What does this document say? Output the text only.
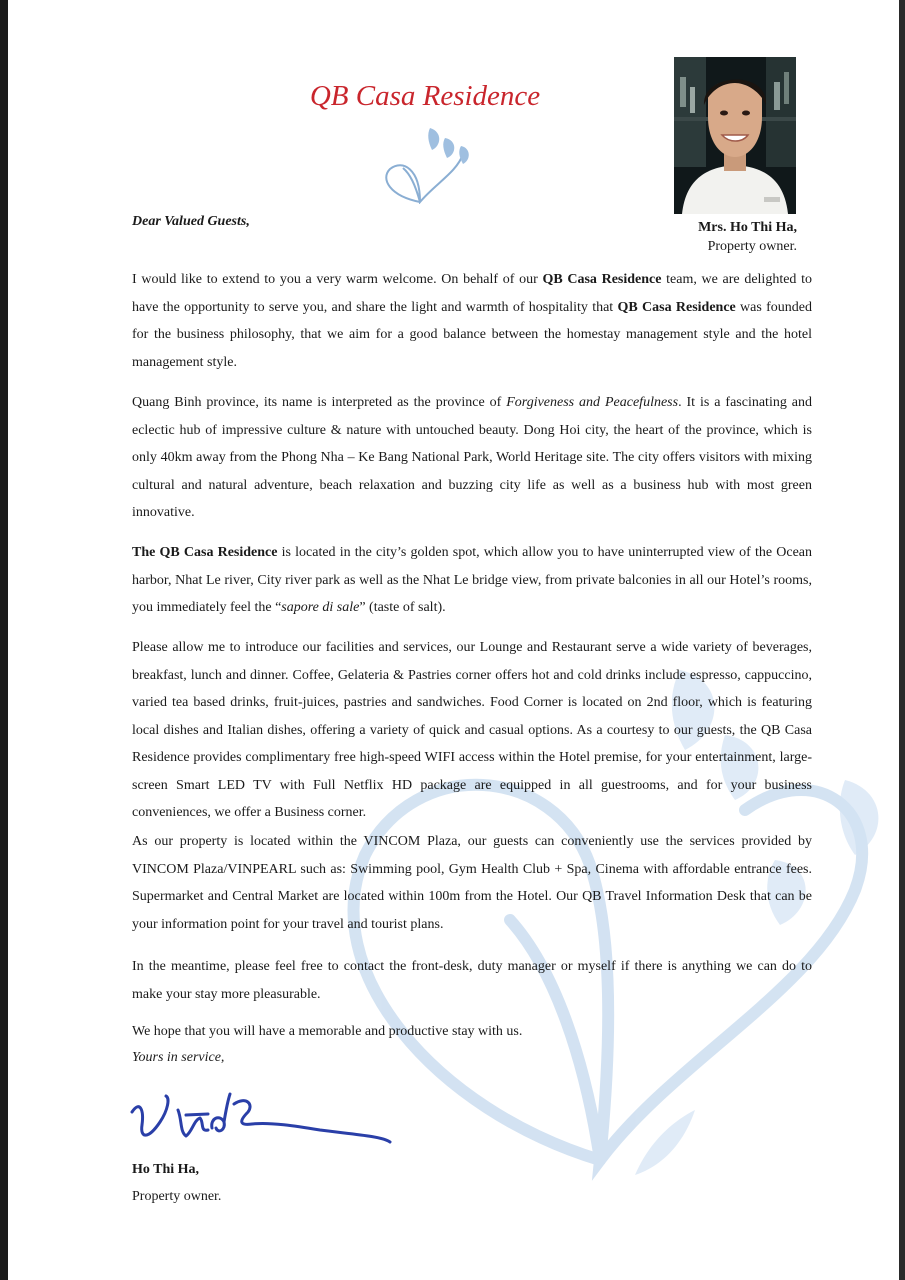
QB Casa Residence
Dear Valued Guests,	Mrs. Ho Thi Ha,
Property owner.

I would like to extend to you a very warm welcome. On behalf of our QB Casa Residence team, we are delighted to have the opportunity to serve you, and share the light and warmth of hospitality that QB Casa Residence was founded for the business philosophy, that we aim for a good balance between the homestay management style and the hotel management style.

Quang Binh province, its name is interpreted as the province of Forgiveness and Peacefulness. It is a fascinating and eclectic hub of impressive culture & nature with untouched beauty. Dong Hoi city, the heart of the province, which is only 40km away from the Phong Nha – Ke Bang National Park, World Heritage site. The city offers visitors with mixing cultural and natural adventure, beach relaxation and buzzing city life as well as a business hub with most green innovative.

The QB Casa Residence is located in the city’s golden spot, which allow you to have uninterrupted view of the Ocean harbor, Nhat Le river, City river park as well as the Nhat Le bridge view, from private balconies in all our Hotel’s rooms, you immediately feel the “sapore di sale” (taste of salt).

Please allow me to introduce our facilities and services, our Lounge and Restaurant serve a wide variety of beverages, breakfast, lunch and dinner. Coffee, Gelateria & Pastries corner offers hot and cold drinks include espresso, cappuccino, varied tea based drinks, fruit-juices, pastries and sandwiches. Food Corner is located on 2nd floor, which is featuring local dishes and Italian dishes, offering a variety of quick and casual options. As a courtesy to our guests, the QB Casa Residence provides complimentary free high-speed WIFI access within the Hotel premise, for your entertainment, large-screen Smart LED TV with Full Netflix HD package are equipped in all guestrooms, and for your business conveniences, we offer a Business corner.

As our property is located within the VINCOM Plaza, our guests can conveniently use the services provided by VINCOM Plaza/VINPEARL such as: Swimming pool, Gym Health Club + Spa, Cinema with affordable entrance fees. Supermarket and Central Market are located within 100m from the Hotel. Our QB Travel Information Desk that can be your information point for your travel and tourist plans.

In the meantime, please feel free to contact the front-desk, duty manager or myself if there is anything we can do to make your stay more pleasurable.

We hope that you will have a memorable and productive stay with us.

Yours in service,
Ho Thi Ha,
Property owner.
